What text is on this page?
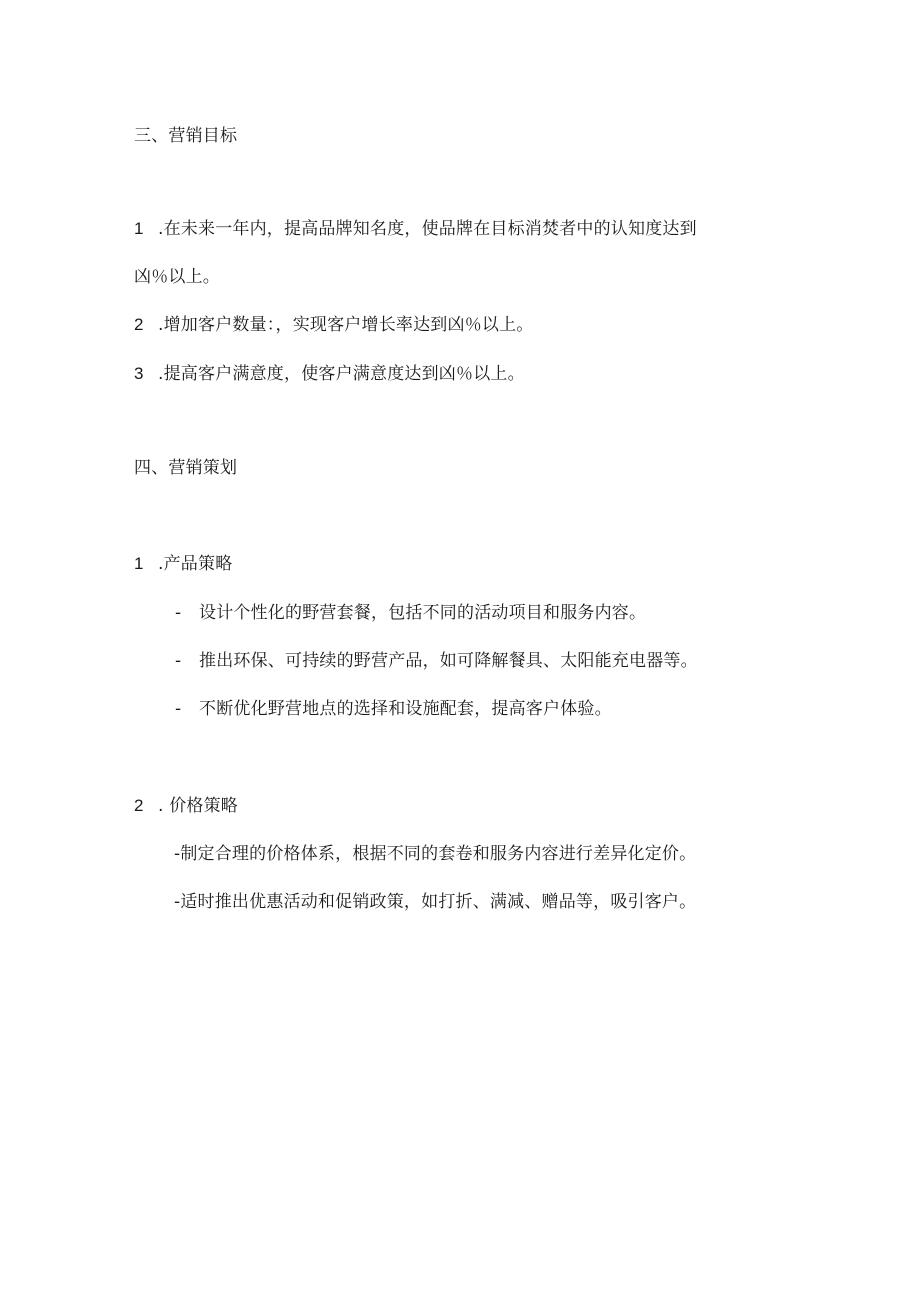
三、营销目标
1 .在未来一年内，提高品牌知名度，使品牌在目标消焚者中的认知度达到
凶％以上。
2 .增加客户数量：，实现客户增长率达到凶％以上。
3 .提高客户满意度，使客户满意度达到凶％以上。
四、营销策划
1 .产品策略
- 设计个性化的野营套餐，包括不同的活动项目和服务内容。
- 推出环保、可持续的野营产品，如可降解餐具、太阳能充电器等。
- 不断优化野营地点的选择和设施配套，提高客户体验。
2 . 价格策略
-制定合理的价格体系，根据不同的套卷和服务内容进行差异化定价。
-适时推出优惠活动和促销政策，如打折、满减、赠品等，吸引客户。
